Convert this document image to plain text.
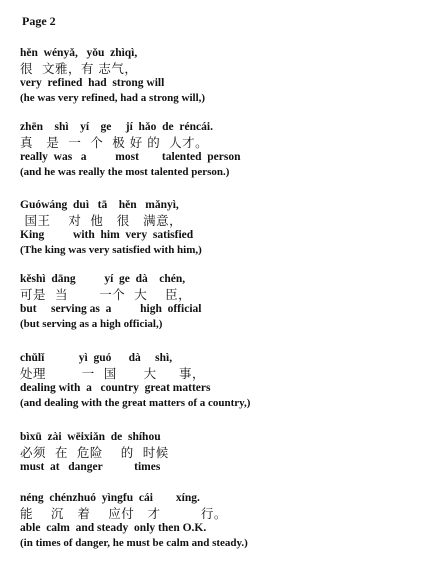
Page 2
hěn  wényǎ,   yǒu  zhìqì,
很  文雅，有 志气，
very  refined  had  strong will
(he was very refined, had a strong will,)
zhēn    shì    yí    ge     jí  hǎo  de  réncái.
真   是  一  个  极 好 的  人才。
really  was   a          most        talented  person
(and he was really the most talented person.)
Guówáng  duì   tā    hěn   mǎnyì,
国王    对  他   很   满意，
King          with  him  very  satisfied
(The king was very satisfied with him,)
kěshì  dāng          yí  ge  dà    chén,
可是  当       一个  大    臣，
but     serving as  a          high  official
(but serving as a high official,)
chǔlǐ            yì  guó      dà     shì,
处理        一  国      大     事，
dealing with  a   country  great matters
(and dealing with the great matters of a country,)
bìxū  zài  wēixiǎn  de  shíhou
必须  在  危险    的  时候
must  at   danger           times
néng  chénzhuó  yìngfu  cái        xíng.
能    沉   着    应付   才         行。
able  calm  and steady  only then O.K.
(in times of danger, he must be calm and steady.)
